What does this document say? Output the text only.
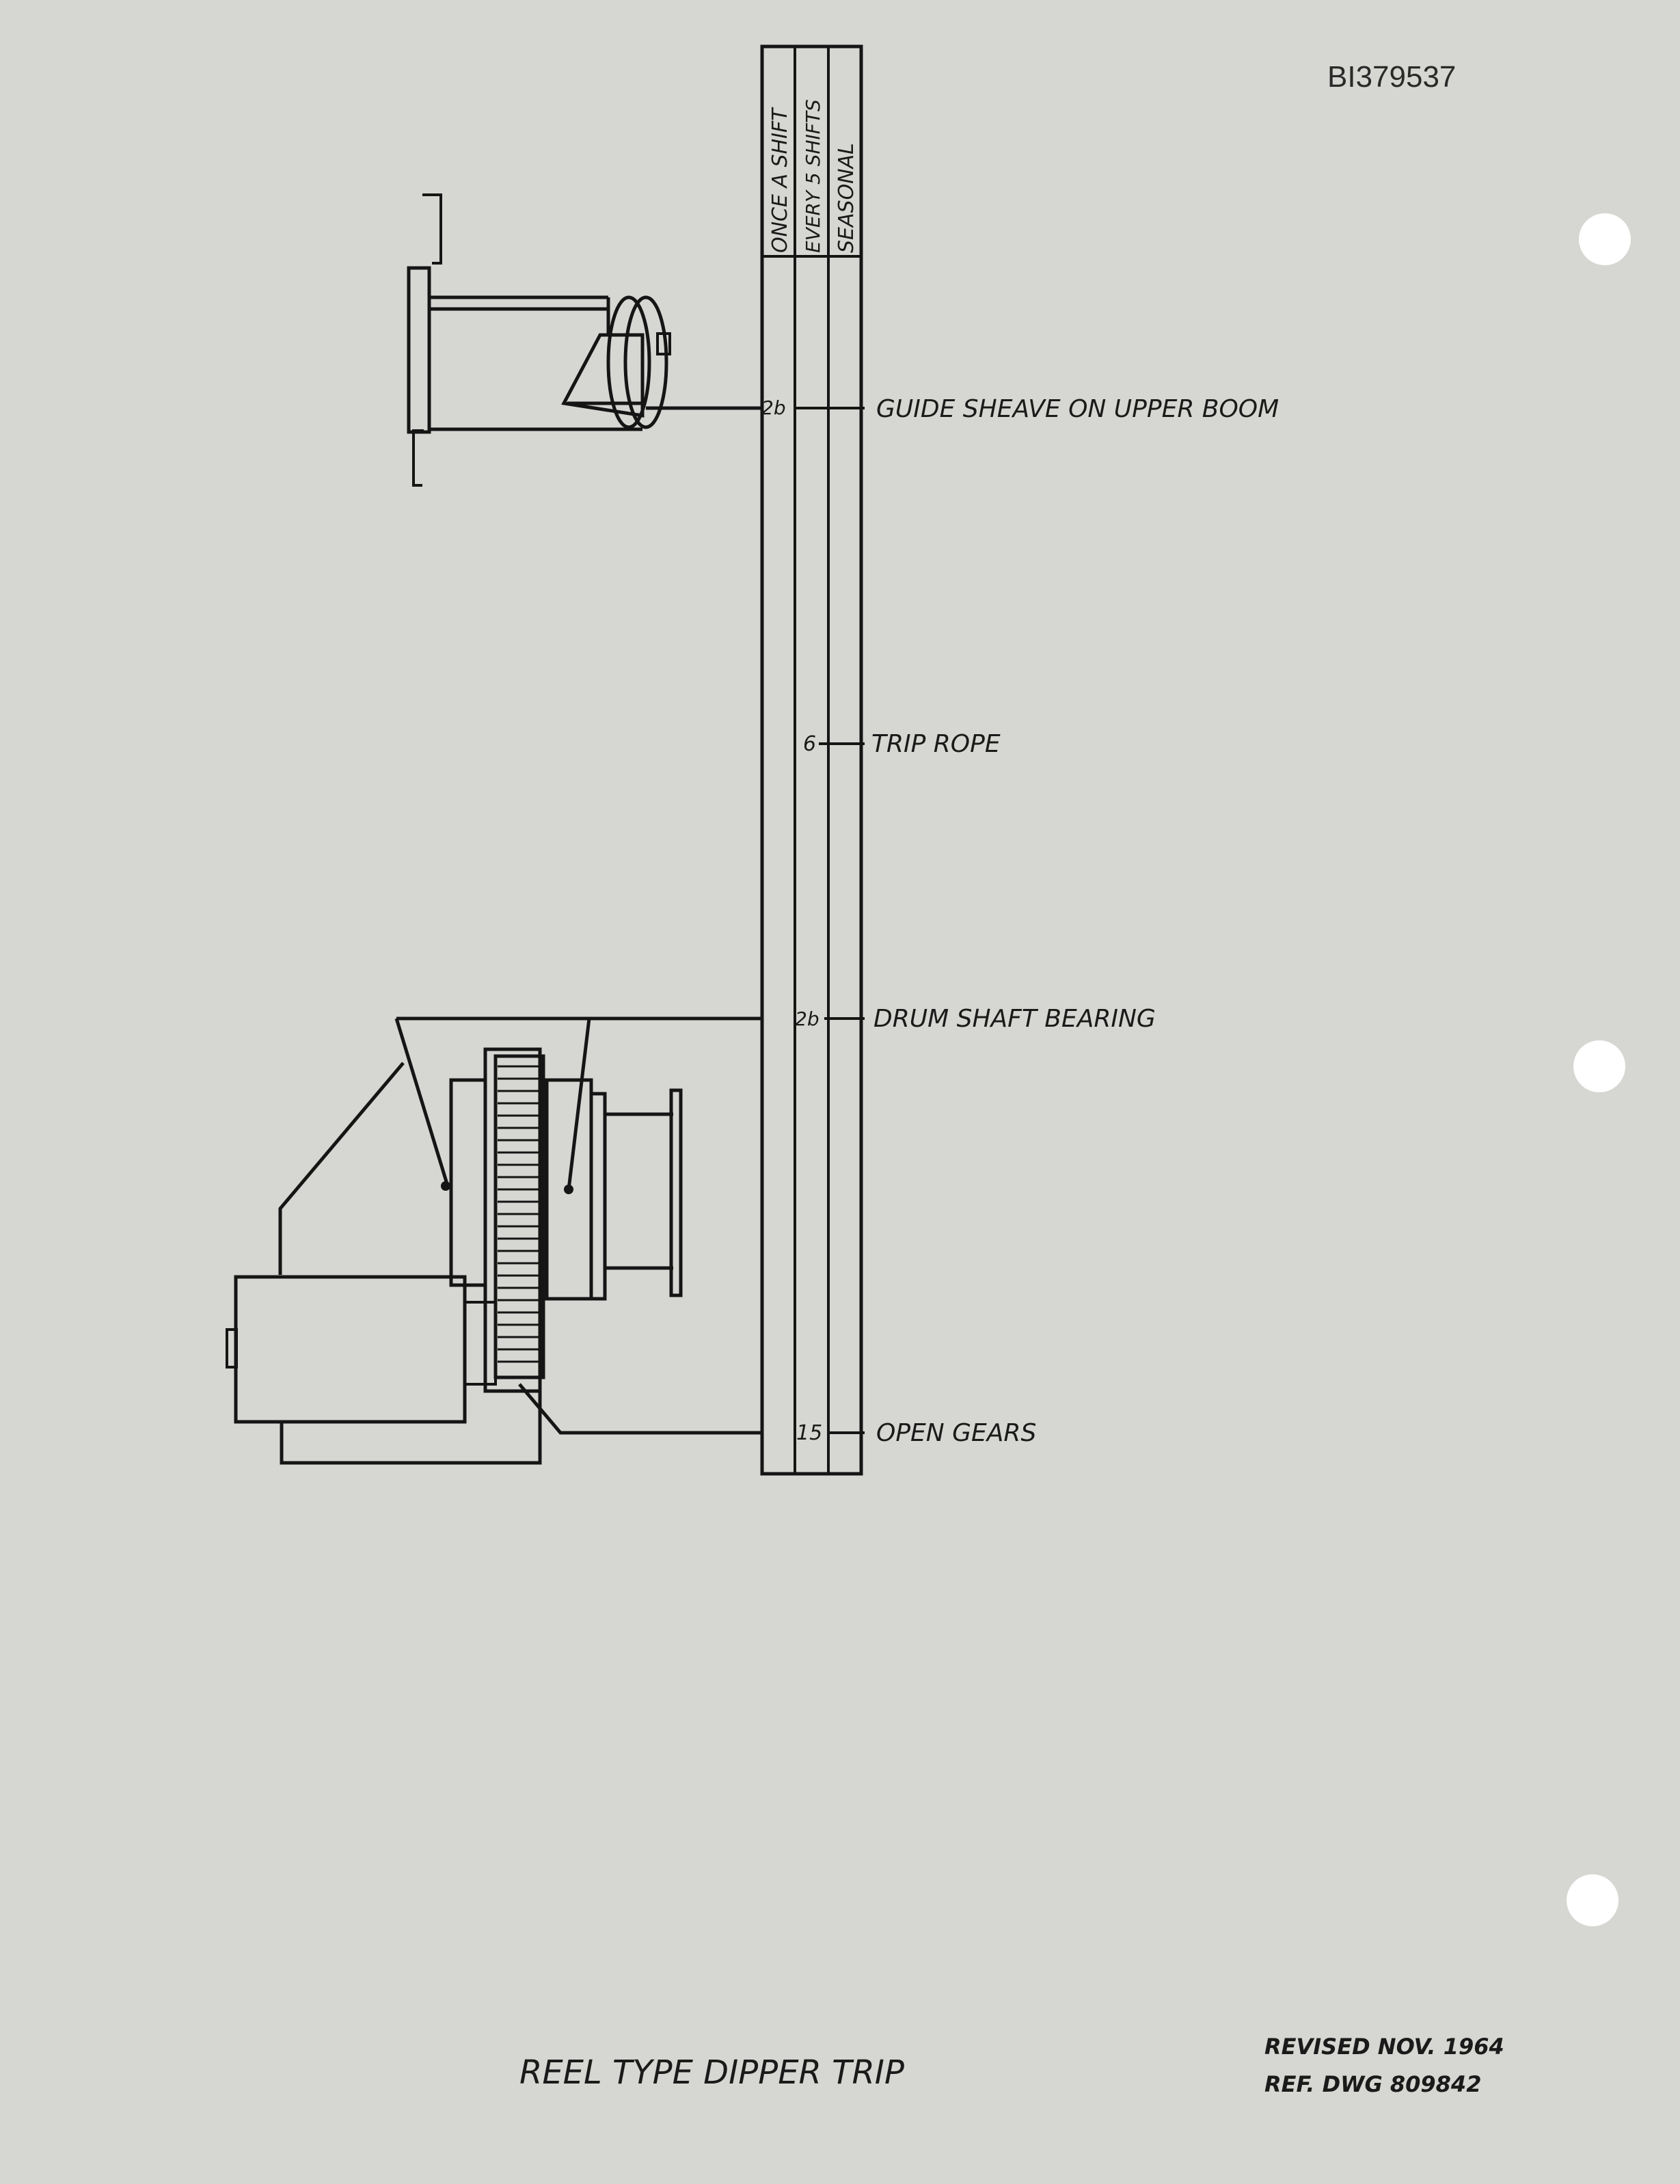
ONCE A SHIFT EVERY 5 SHIFTS SEASONAL
2b	GUIDE SHEAVE ON UPPER BOOM
6 TRIP ROPE
2b DRUM SHAFT BEARING
15 OPEN GEARS
REEL TYPE DIPPER TRIP
REVISED NOV. 1964
REF. DWG 809842
BI379537
